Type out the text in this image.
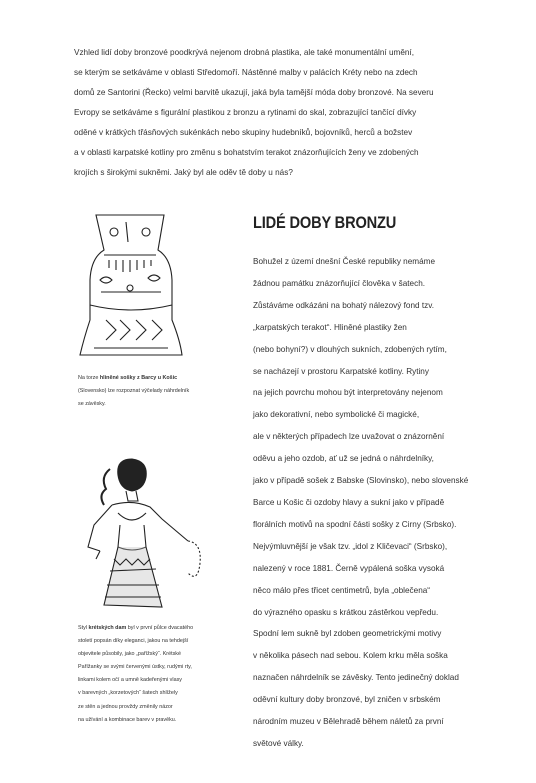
Vzhled lidí doby bronzové poodkrývá nejenom drobná plastika, ale také monumentální umění,
se kterým se setkáváme v oblasti Středomoří. Nástěnné malby v palácích Kréty nebo na zdech
domů ze Santorini (Řecko) velmi barvitě ukazují, jaká byla tamější móda doby bronzové. Na severu
Evropy se setkáváme s figurální plastikou z bronzu a rytinami do skal, zobrazující tančící dívky
oděné v krátkých třásňových sukénkách nebo skupiny hudebníků, bojovníků, herců a božstev
a v oblasti karpatské kotliny pro změnu s bohatstvím terakot znázorňujících ženy ve zdobených
krojích s širokými sukněmi. Jaký byl ale oděv tě doby u nás?
Na torze hliněné sošky z Barcy u Košic
(Slovensko) lze rozpoznat výčelady náhrdelník
se závěsky.
Styl krétských dam byl v první půlce dvacatého
století popsán díky eleganci, jakou na tehdejší
objevitele působily, jako „pařížský“. Krétské
Pařížanky se svými červenými ústky, rudými rty,
linkami kolem očí a umně kadeřenými vlasy
v barevných „korzetových“ šatech shlížely
ze stěn a jednou provždy změnily názor
na užívání a kombinace barev v pravěku.
LIDÉ DOBY BRONZU
Bohužel z území dnešní České republiky nemáme
žádnou památku znázorňující člověka v šatech.
Zůstáváme odkázáni na bohatý nálezový fond tzv.
„karpatských terakot“. Hliněné plastiky žen
(nebo bohyní?) v dlouhých sukních, zdobených rytím,
se nacházejí v prostoru Karpatské kotliny. Rytiny
na jejich povrchu mohou být interpretovány nejenom
jako dekorativní, nebo symbolické či magické,
ale v některých případech lze uvažovat o znázornění
oděvu a jeho ozdob, ať už se jedná o náhrdelníky,
jako v případě sošek z Babske (Slovinsko), nebo slovenské
Barce u Košic či ozdoby hlavy a sukní jako v případě
florálních motivů na spodní části sošky z Cirny (Srbsko).
Nejvýmluvnější je však tzv. „idol z Kličevaci“ (Srbsko),
nalezený v roce 1881. Černě vypálená soška vysoká
něco málo přes třicet centimetrů, byla „oblečena“
do výrazného opasku s krátkou zástěrkou vepředu.
Spodní lem sukně byl zdoben geometrickými motivy
v několika pásech nad sebou. Kolem krku měla soška
naznačen náhrdelník se závěsky. Tento jedinečný doklad
oděvní kultury doby bronzové, byl zničen v srbském
národním muzeu v Bělehradě během náletů za první
světové války.
